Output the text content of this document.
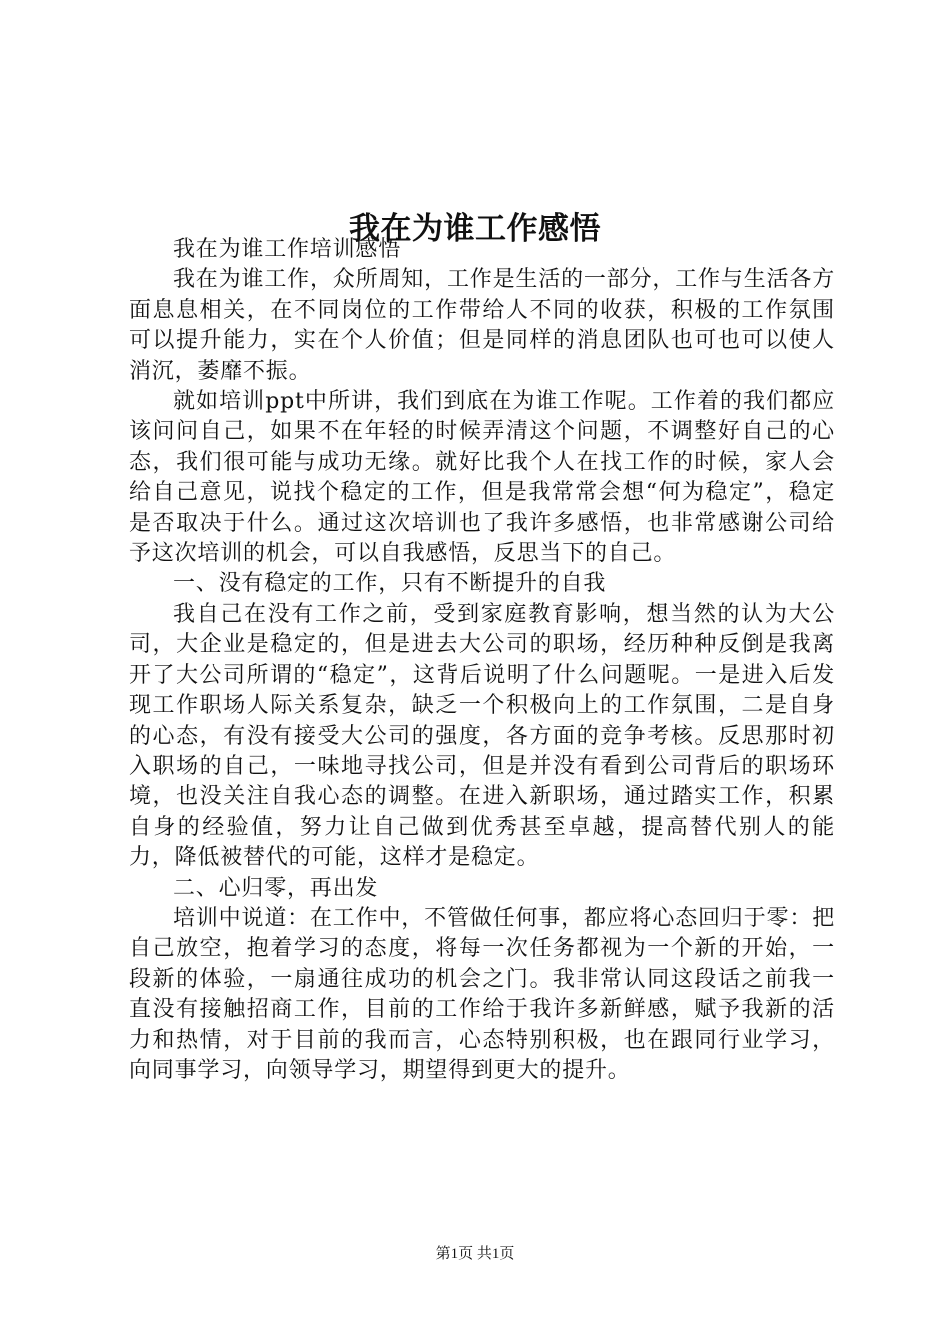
我在为谁工作感悟

我在为谁工作培训感悟

我在为谁工作，众所周知，工作是生活的一部分，工作与生活各方面息息相关，在不同岗位的工作带给人不同的收获，积极的工作氛围可以提升能力，实在个人价值；但是同样的消息团队也可也可以使人消沉，萎靡不振。

就如培训ppt中所讲，我们到底在为谁工作呢。工作着的我们都应该问问自己，如果不在年轻的时候弄清这个问题，不调整好自己的心态，我们很可能与成功无缘。就好比我个人在找工作的时候，家人会给自己意见，说找个稳定的工作，但是我常常会想“何为稳定”，稳定是否取决于什么。通过这次培训也了我许多感悟，也非常感谢公司给予这次培训的机会，可以自我感悟，反思当下的自己。

一、没有稳定的工作，只有不断提升的自我

我自己在没有工作之前，受到家庭教育影响，想当然的认为大公司，大企业是稳定的，但是进去大公司的职场，经历种种反倒是我离开了大公司所谓的“稳定”，这背后说明了什么问题呢。一是进入后发现工作职场人际关系复杂，缺乏一个积极向上的工作氛围，二是自身的心态，有没有接受大公司的强度，各方面的竞争考核。反思那时初入职场的自己，一味地寻找公司，但是并没有看到公司背后的职场环境，也没关注自我心态的调整。在进入新职场，通过踏实工作，积累自身的经验值，努力让自己做到优秀甚至卓越，提高替代别人的能力，降低被替代的可能，这样才是稳定。

二、心归零，再出发

培训中说道：在工作中，不管做任何事，都应将心态回归于零：把自己放空，抱着学习的态度，将每一次任务都视为一个新的开始，一段新的体验，一扇通往成功的机会之门。我非常认同这段话之前我一直没有接触招商工作，目前的工作给于我许多新鲜感，赋予我新的活力和热情，对于目前的我而言，心态特别积极，也在跟同行业学习，向同事学习，向领导学习，期望得到更大的提升。

第1页 共1页
